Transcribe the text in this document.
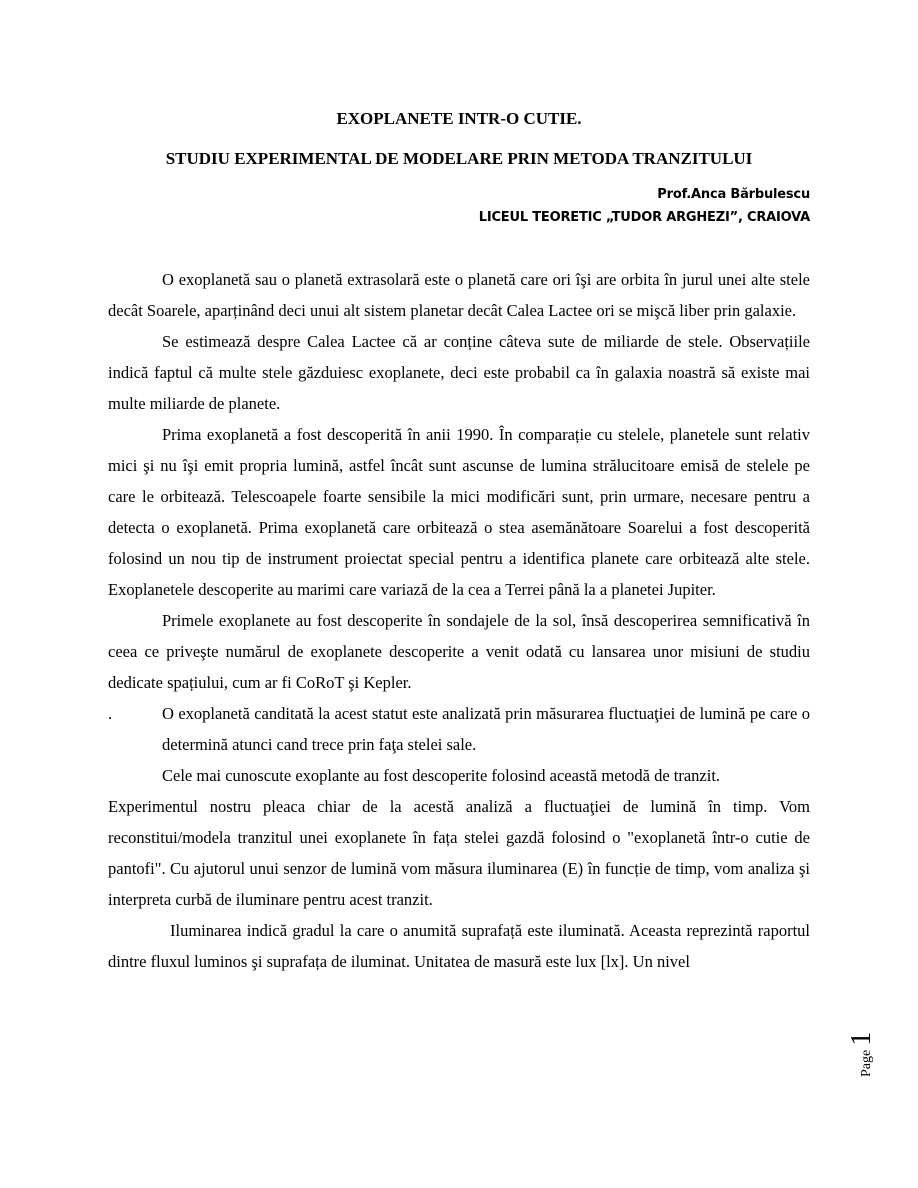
EXOPLANETE INTR-O CUTIE.
STUDIU EXPERIMENTAL DE MODELARE PRIN METODA TRANZITULUI
Prof.Anca Bărbulescu
LICEUL TEORETIC „TUDOR ARGHEZI”, CRAIOVA

O exoplanetă sau o planetă extrasolară este o planetă care ori îşi are orbita în jurul unei alte stele decât Soarele, aparținând deci unui alt sistem planetar decât Calea Lactee ori se mişcă liber prin galaxie.

Se estimează despre Calea Lactee că ar conține câteva sute de miliarde de stele. Observațiile indică faptul că multe stele găzduiesc exoplanete, deci este probabil ca în galaxia noastră să existe mai multe miliarde de planete.

Prima exoplanetă a fost descoperită în anii 1990. În comparație cu stelele, planetele sunt relativ mici şi nu îşi emit propria lumină, astfel încât sunt ascunse de lumina strălucitoare emisă de stelele pe care le orbitează. Telescoapele foarte sensibile la mici modificări sunt, prin urmare, necesare pentru a detecta o exoplanetă. Prima exoplanetă care orbitează o stea asemănătoare Soarelui a fost descoperită folosind un nou tip de instrument proiectat special pentru a identifica planete care orbitează alte stele. Exoplanetele descoperite au marimi care variază de la cea a Terrei până la a planetei Jupiter.

Primele exoplanete au fost descoperite în sondajele de la sol, însă descoperirea semnificativă în ceea ce priveşte numărul de exoplanete descoperite a venit odată cu lansarea unor misiuni de studiu dedicate spațiului, cum ar fi CoRoT şi Kepler.

.	O exoplanetă canditată la acest statut este analizată prin măsurarea fluctuaţiei de lumină pe care o determină atunci cand trece prin faţa stelei sale.

Cele mai cunoscute exoplante au fost descoperite folosind această metodă de tranzit.

Experimentul nostru pleaca chiar de la acestă analiză a fluctuaţiei de lumină în timp. Vom reconstitui/modela tranzitul unei exoplanete în fața stelei gazdă folosind o "exoplanetă într-o cutie de pantofi". Cu ajutorul unui senzor de lumină vom măsura iluminarea (E) în funcție de timp, vom analiza şi interpreta curbă de iluminare pentru acest tranzit.

Iluminarea indică gradul la care o anumită suprafață este iluminată. Aceasta reprezintă raportul dintre fluxul luminos şi suprafața de iluminat. Unitatea de masură este lux [lx]. Un nivel

Page 1
